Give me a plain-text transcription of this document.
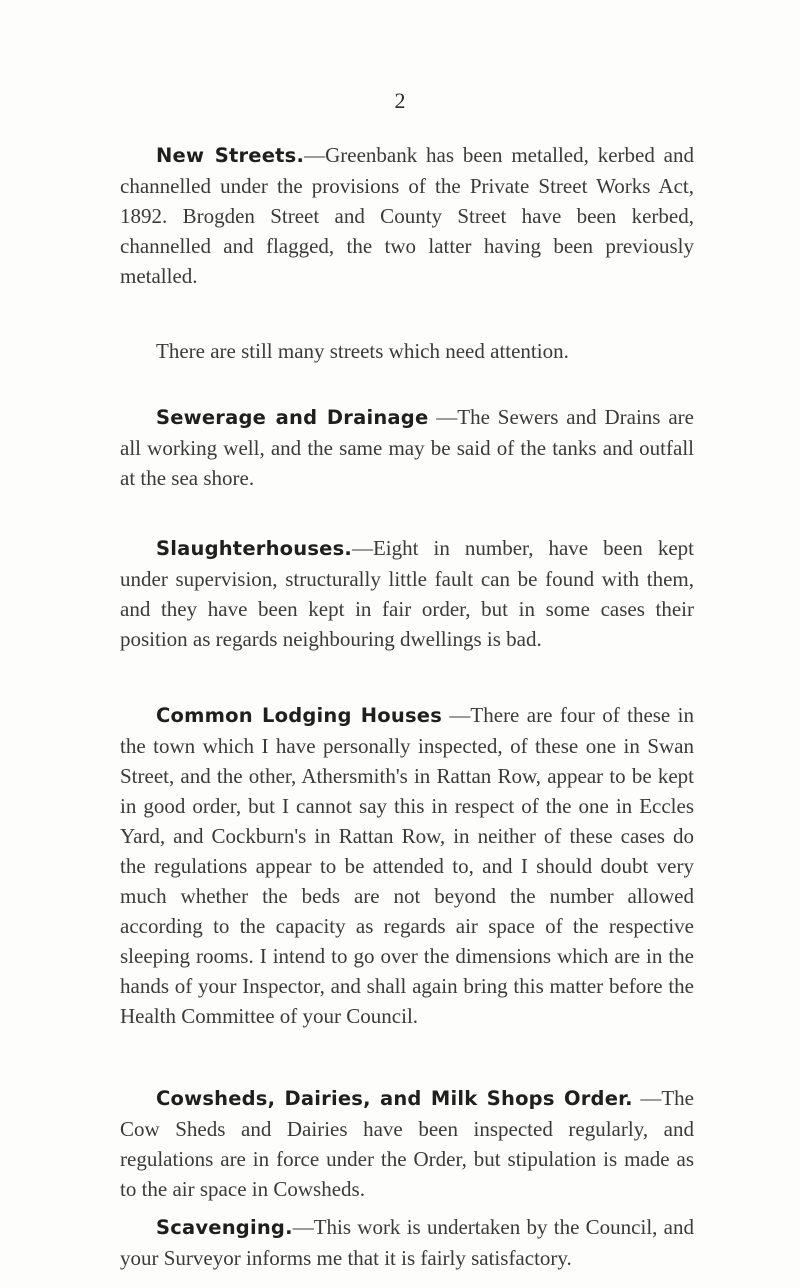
2

New Streets.—Greenbank has been metalled, kerbed and channelled under the provisions of the Private Street Works Act, 1892. Brogden Street and County Street have been kerbed, channelled and flagged, the two latter having been previously metalled.

There are still many streets which need attention.

Sewerage and Drainage —The Sewers and Drains are all working well, and the same may be said of the tanks and outfall at the sea shore.

Slaughterhouses.—Eight in number, have been kept under supervision, structurally little fault can be found with them, and they have been kept in fair order, but in some cases their position as regards neighbouring dwellings is bad.

Common Lodging Houses —There are four of these in the town which I have personally inspected, of these one in Swan Street, and the other, Athersmith's in Rattan Row, appear to be kept in good order, but I cannot say this in respect of the one in Eccles Yard, and Cockburn's in Rattan Row, in neither of these cases do the regulations appear to be attended to, and I should doubt very much whether the beds are not beyond the number allowed according to the capacity as regards air space of the respective sleeping rooms. I intend to go over the dimensions which are in the hands of your Inspector, and shall again bring this matter before the Health Committee of your Council.

Cowsheds, Dairies, and Milk Shops Order. —The Cow Sheds and Dairies have been inspected regularly, and regulations are in force under the Order, but stipulation is made as to the air space in Cowsheds.

Scavenging.—This work is undertaken by the Council, and your Surveyor informs me that it is fairly satisfactory.
